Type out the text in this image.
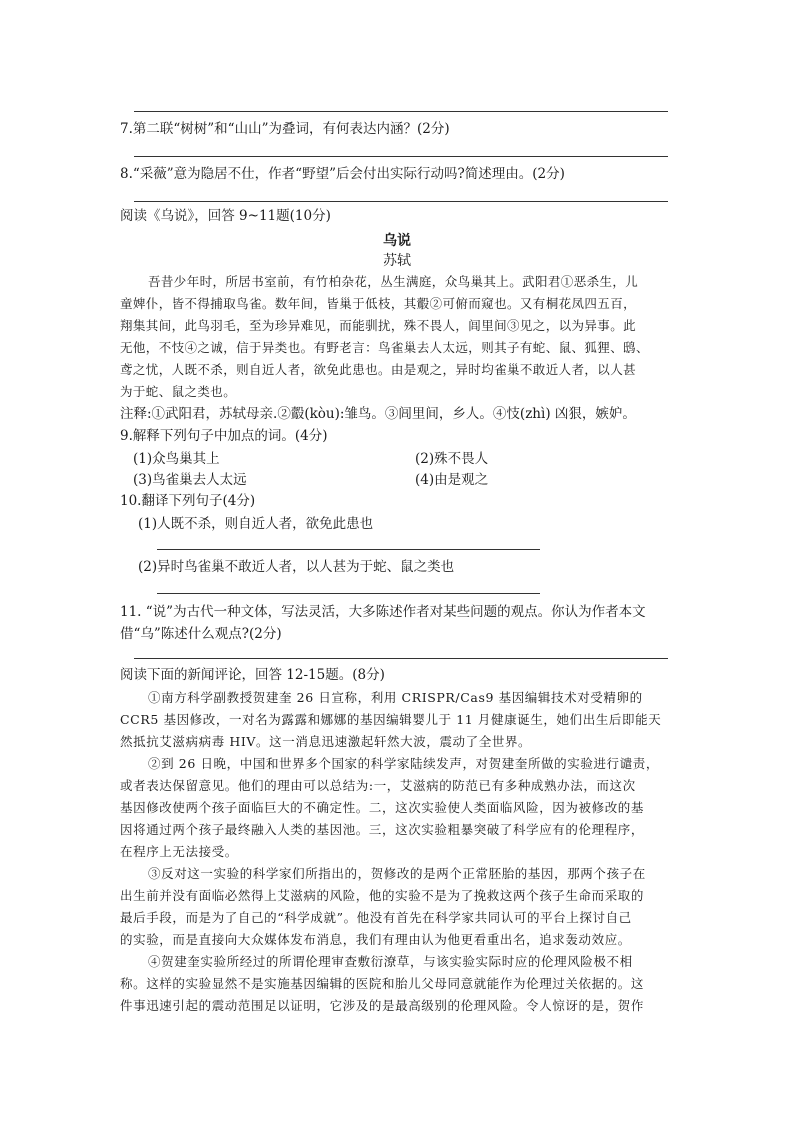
7.第二联“树树”和“山山”为叠词，有何表达内涵？(2分)
8.“采薇”意为隐居不仕，作者“野望”后会付出实际行动吗?简述理由。(2分)
阅读《乌说》，回答 9~11题(10分)
乌说
苏轼
吾昔少年时，所居书室前，有竹柏杂花，丛生满庭，众鸟巢其上。武阳君①恶杀生，儿
童婢仆，皆不得捕取鸟雀。数年间，皆巢于低枝，其鷇②可俯而窥也。又有桐花凤四五百，
翔集其间，此鸟羽毛，至为珍异难见，而能驯扰，殊不畏人，闾里间③见之，以为异事。此
无他，不忮④之诚，信于异类也。有野老言：鸟雀巢去人太远，则其子有蛇、鼠、狐狸、鸱、
鸢之忧，人既不杀，则自近人者，欲免此患也。由是观之，异时均雀巢不敢近人者，以人甚
为于蛇、鼠之类也。
注释:①武阳君，苏轼母亲.②鷇(kòu):雏鸟。③闾里间，乡人。④忮(zhì) 凶狠，嫉妒。
9.解释下列句子中加点的词。(4分)
(1)众鸟巢其上	(2)殊不畏人
(3)鸟雀巢去人太远	(4)由是观之
10.翻译下列句子(4分)
(1)人既不杀，则自近人者，欲免此患也
(2)异时鸟雀巢不敢近人者，以人甚为于蛇、鼠之类也
11. “说”为古代一种文体，写法灵活，大多陈述作者对某些问题的观点。你认为作者本文
借“乌”陈述什么观点?(2分)
阅读下面的新闻评论，回答 12-15题。(8分)
①南方科学副教授贺建奎 26 日宣称，利用 CRISPR/Cas9 基因编辑技术对受精卵的
CCR5 基因修改，一对名为露露和娜娜的基因编辑婴儿于 11 月健康诞生，她们出生后即能天
然抵抗艾滋病病毒 HIV。这一消息迅速激起轩然大波，震动了全世界。
②到 26 日晚，中国和世界多个国家的科学家陆续发声，对贺建奎所做的实验进行谴责，
或者表达保留意见。他们的理由可以总结为:一，艾滋病的防范已有多种成熟办法，而这次
基因修改使两个孩子面临巨大的不确定性。二，这次实验使人类面临风险，因为被修改的基
因将通过两个孩子最终融入人类的基因池。三，这次实验粗暴突破了科学应有的伦理程序，
在程序上无法接受。
③反对这一实验的科学家们所指出的，贺修改的是两个正常胚胎的基因，那两个孩子在
出生前并没有面临必然得上艾滋病的风险，他的实验不是为了挽救这两个孩子生命而采取的
最后手段，而是为了自己的“科学成就”。他没有首先在科学家共同认可的平台上探讨自己
的实验，而是直接向大众媒体发布消息，我们有理由认为他更看重出名，追求轰动效应。
④贺建奎实验所经过的所谓伦理审查敷衍潦草，与该实验实际时应的伦理风险极不相
称。这样的实验显然不是实施基因编辑的医院和胎儿父母同意就能作为伦理过关依据的。这
件事迅速引起的震动范围足以证明，它涉及的是最高级别的伦理风险。令人惊讶的是，贺作
